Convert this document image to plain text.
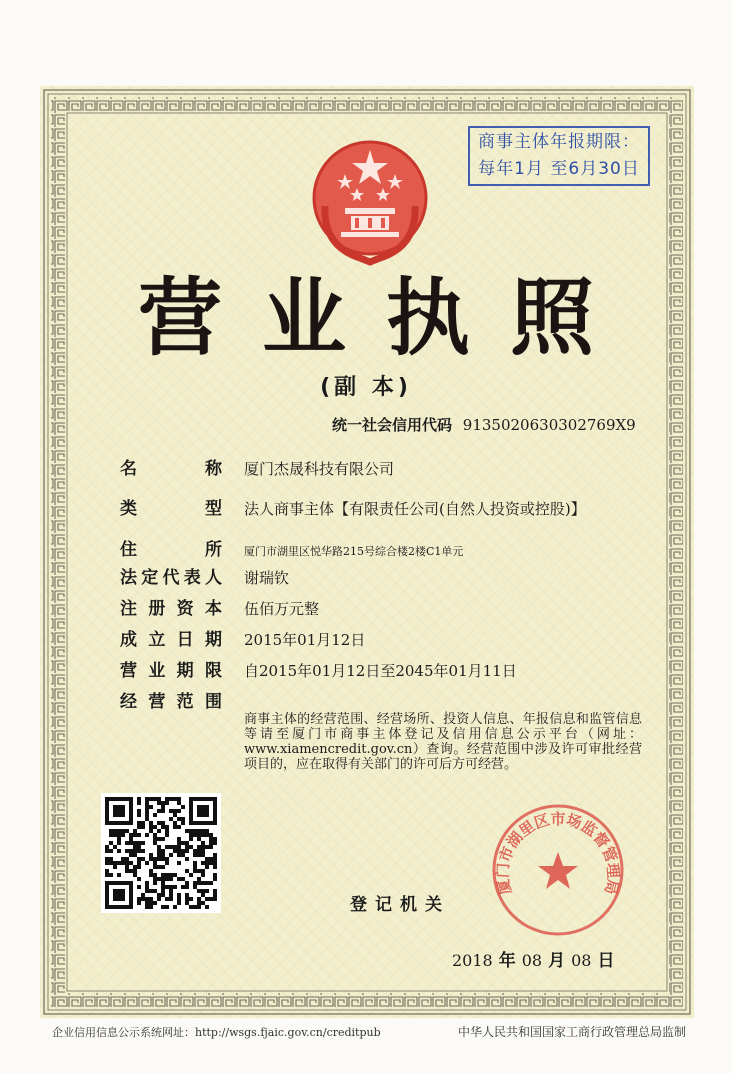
商事主体年报期限：
每年1月 至6月30日
营业执照
(副 本)
统一社会信用代码 9135020630302769X9
名	称 厦门杰晟科技有限公司
类	型 法人商事主体【有限责任公司(自然人投资或控股)】
住	所 厦门市湖里区悦华路215号综合楼2楼C1单元
法 定 代 表 人 谢瑞钦
注 册 资 本 伍佰万元整
成 立 日 期 2015年01月12日
营 业 期 限 自2015年01月12日至2045年01月11日
经 营 范 围
商事主体的经营范围、经营场所、投资人信息、年报信息和监管信息等请至厦门市商事主体登记及信用信息公示平台（网址：www.xiamencredit.gov.cn）查询。经营范围中涉及许可审批经营项目的，应在取得有关部门的许可后方可经营。
登记机关
厦门市湖里区市场监督管理局
2018 年 08 月 08 日
企业信用信息公示系统网址：http://wsgs.fjaic.gov.cn/creditpub	中华人民共和国国家工商行政管理总局监制
